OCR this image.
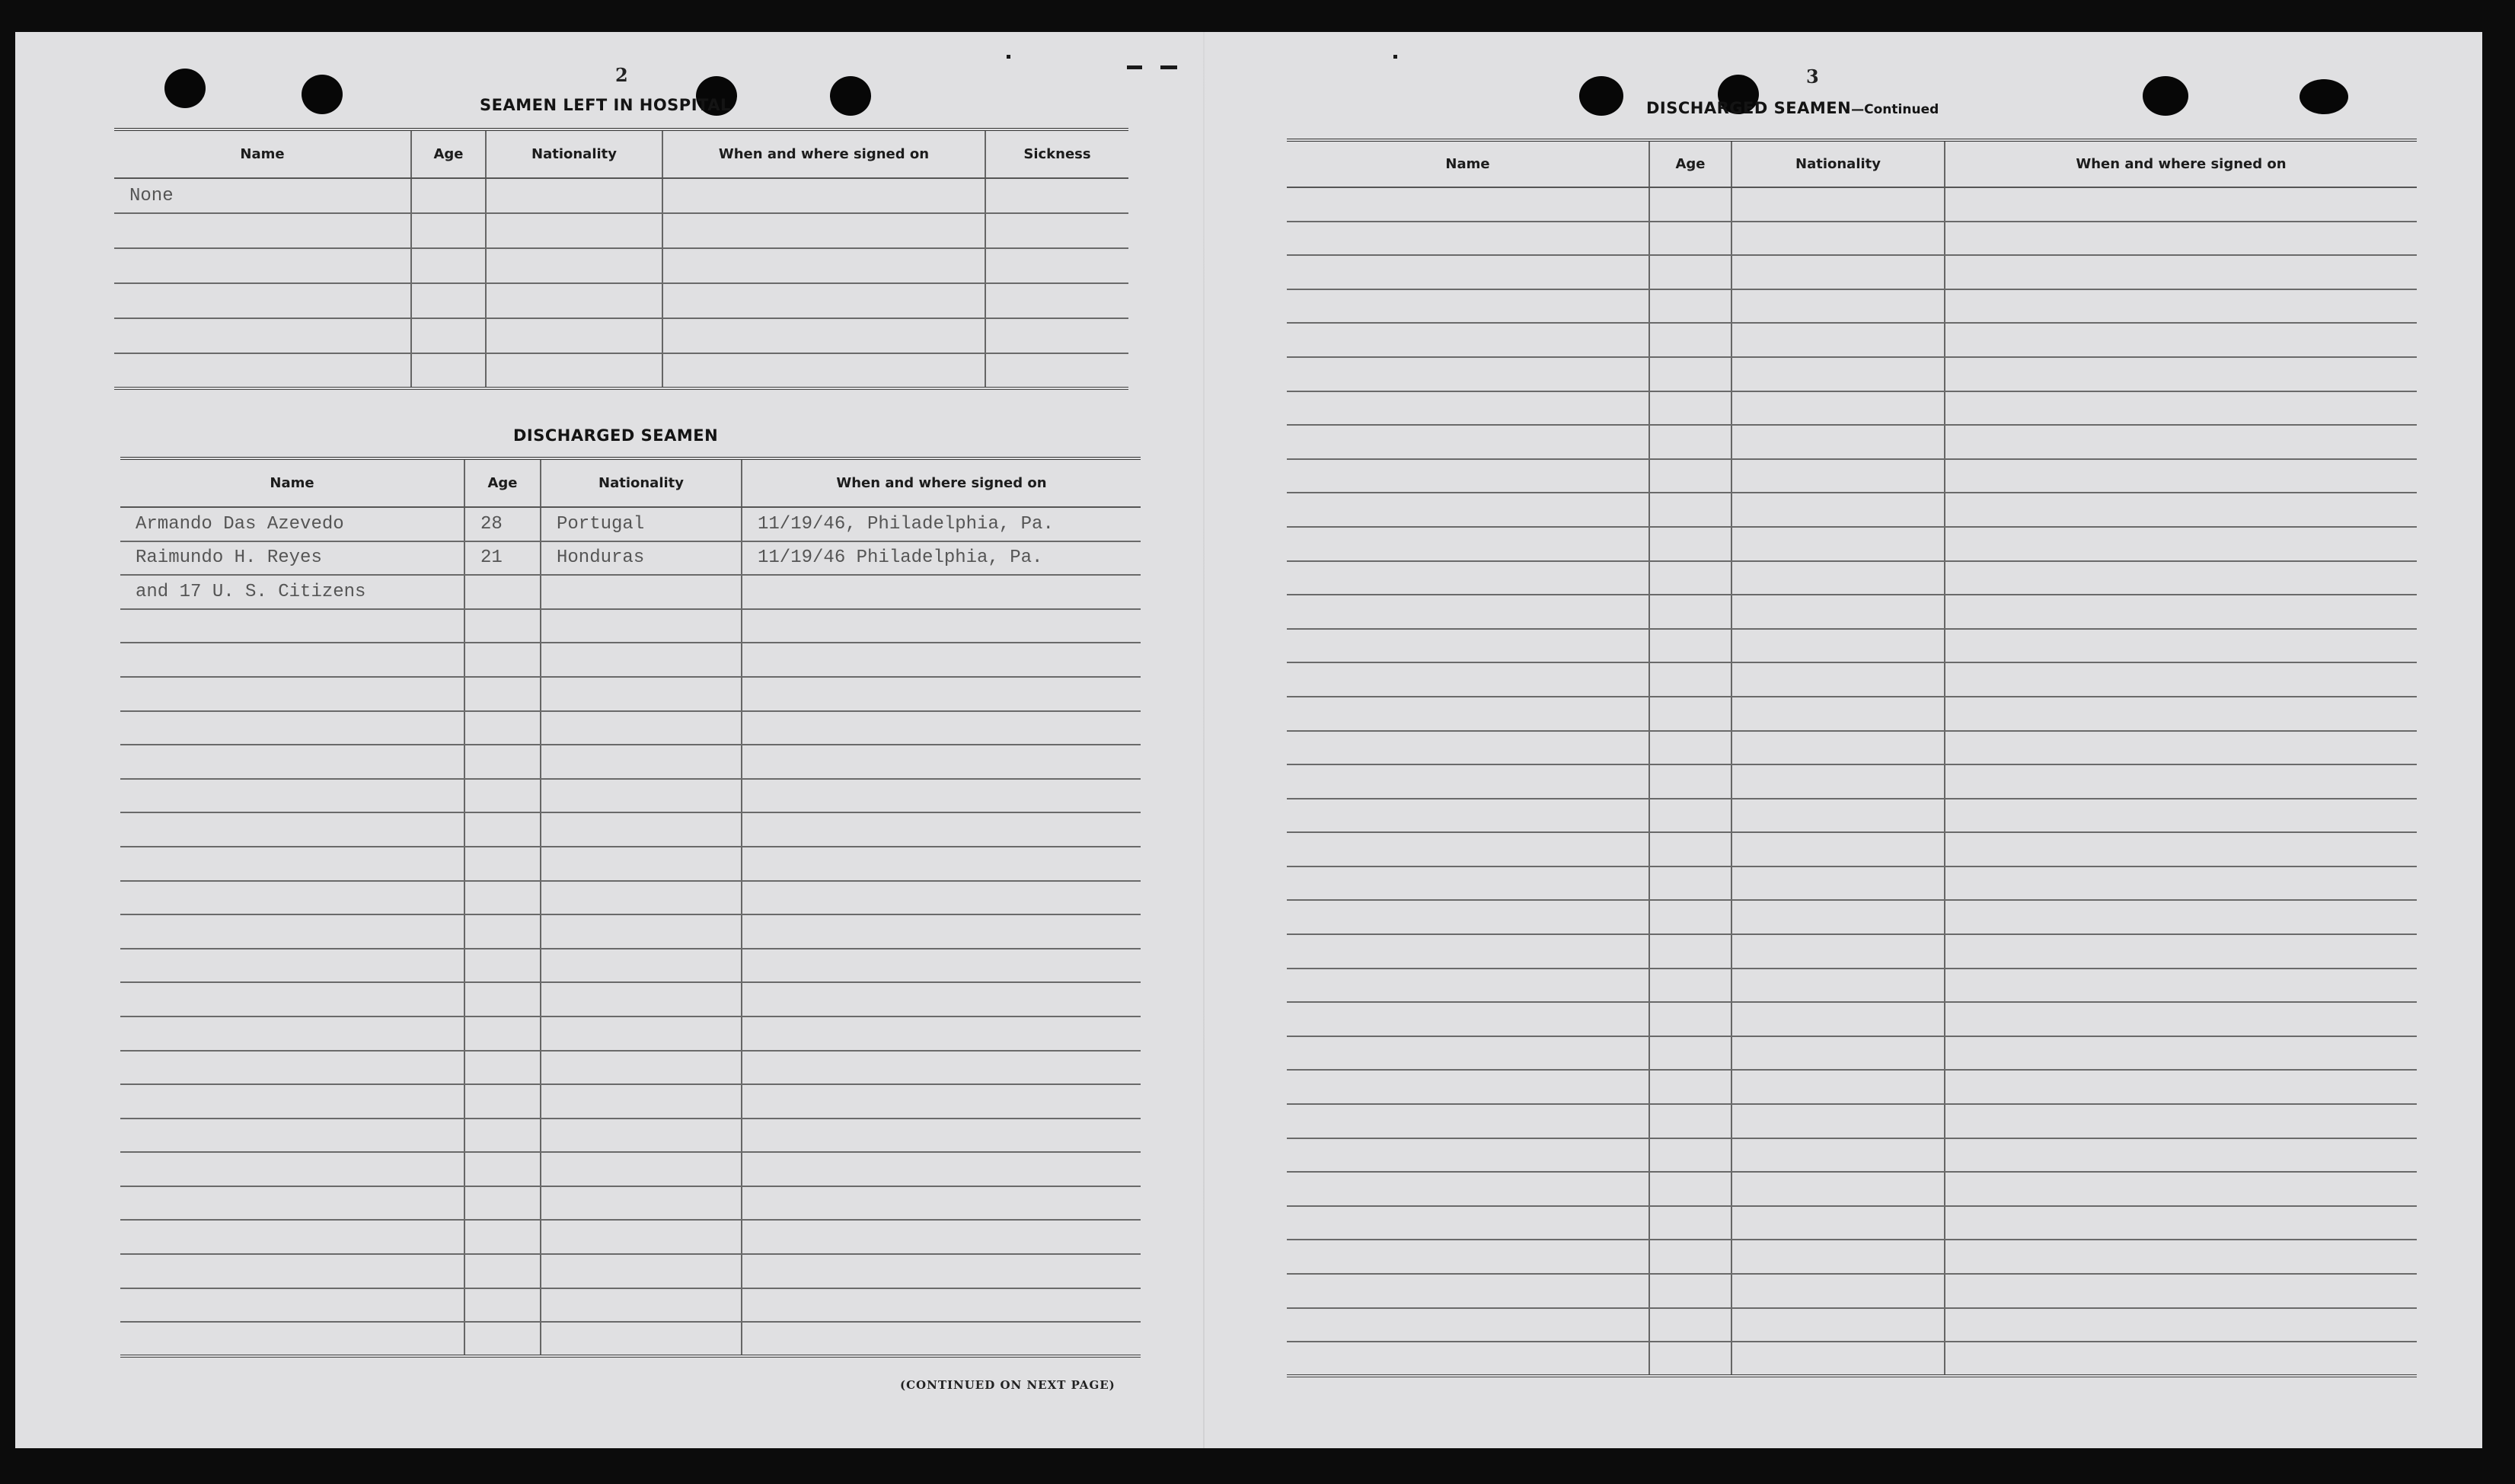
2
SEAMEN LEFT IN HOSPITAL
Name	Age	Nationality	When and where signed on	Sickness
None				

DISCHARGED SEAMEN
Name	Age	Nationality	When and where signed on
Armando Das Azevedo	28	Portugal	11/19/46, Philadelphia, Pa.
Raimundo H. Reyes	21	Honduras	11/19/46 Philadelphia, Pa.
and 17 U. S. Citizens			

(CONTINUED ON NEXT PAGE)
3
DISCHARGED SEAMEN—Continued
Name	Age	Nationality	When and where signed on
